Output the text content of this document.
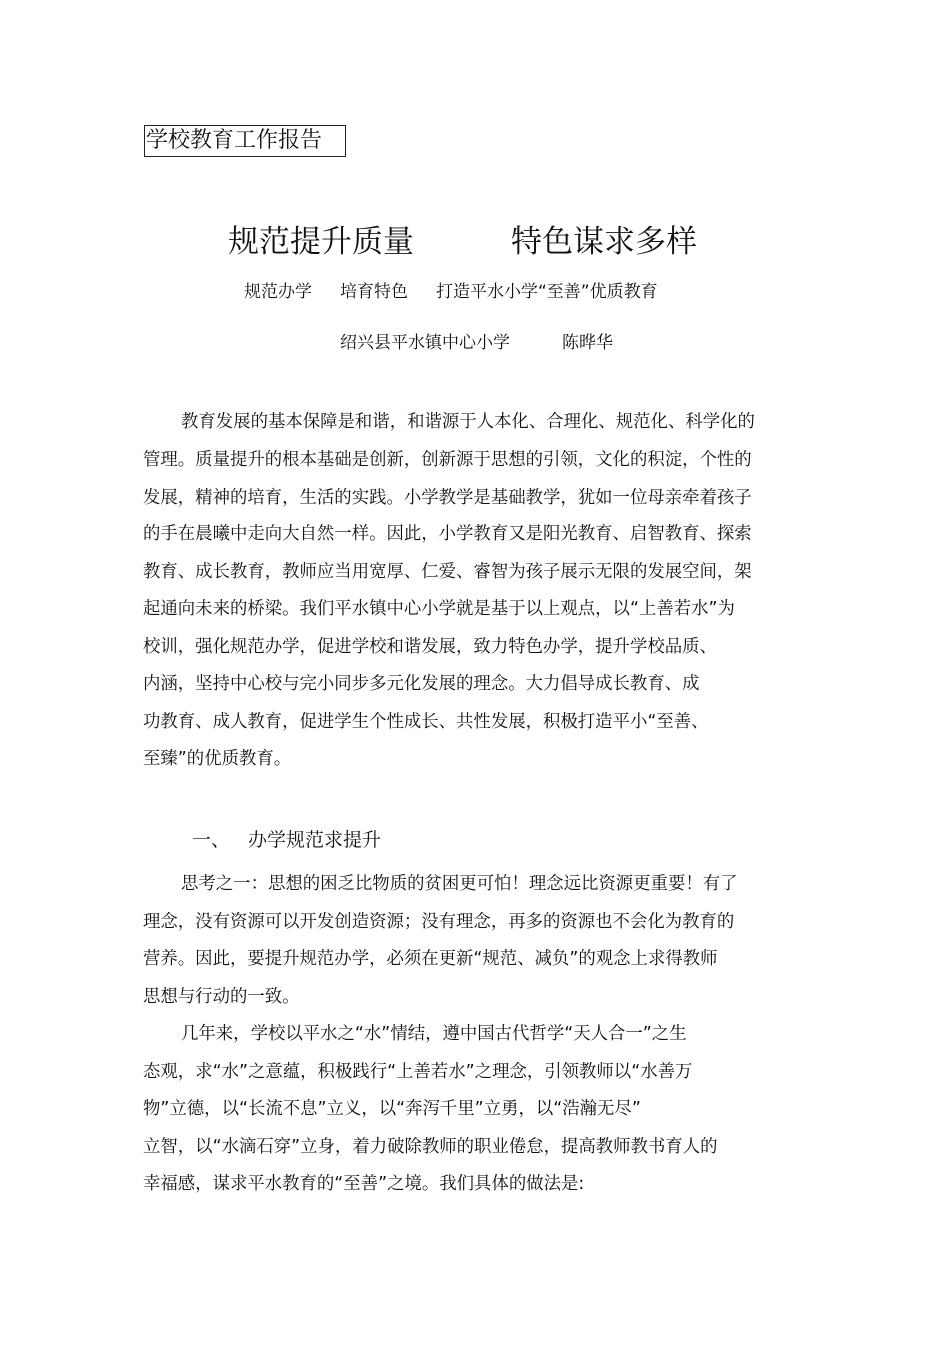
学校教育工作报告
规范提升质量	特色谋求多样
规范办学 培育特色 打造平水小学“至善”优质教育
绍兴县平水镇中心小学	陈晔华
教育发展的基本保障是和谐，和谐源于人本化、合理化、规范化、科学化的
管理。质量提升的根本基础是创新，创新源于思想的引领，文化的积淀，个性的
发展，精神的培育，生活的实践。小学教学是基础教学，犹如一位母亲牵着孩子
的手在晨曦中走向大自然一样。因此，小学教育又是阳光教育、启智教育、探索
教育、成长教育，教师应当用宽厚、仁爱、睿智为孩子展示无限的发展空间，架
起通向未来的桥梁。我们平水镇中心小学就是基于以上观点，以“上善若水”为
校训，强化规范办学，促进学校和谐发展，致力特色办学，提升学校品质、
内涵，坚持中心校与完小同步多元化发展的理念。大力倡导成长教育、成
功教育、成人教育，促进学生个性成长、共性发展，积极打造平小“至善、
至臻”的优质教育。
一、 办学规范求提升
思考之一：思想的困乏比物质的贫困更可怕！理念远比资源更重要！有了
理念，没有资源可以开发创造资源；没有理念，再多的资源也不会化为教育的
营养。因此，要提升规范办学，必须在更新“规范、减负”的观念上求得教师
思想与行动的一致。
几年来，学校以平水之“水”情结，遵中国古代哲学“天人合一”之生
态观，求“水”之意蕴，积极践行“上善若水”之理念，引领教师以“水善万
物”立德，以“长流不息”立义，以“奔泻千里”立勇，以“浩瀚无尽”
立智，以“水滴石穿”立身，着力破除教师的职业倦怠，提高教师教书育人的
幸福感，谋求平水教育的“至善”之境。我们具体的做法是:
